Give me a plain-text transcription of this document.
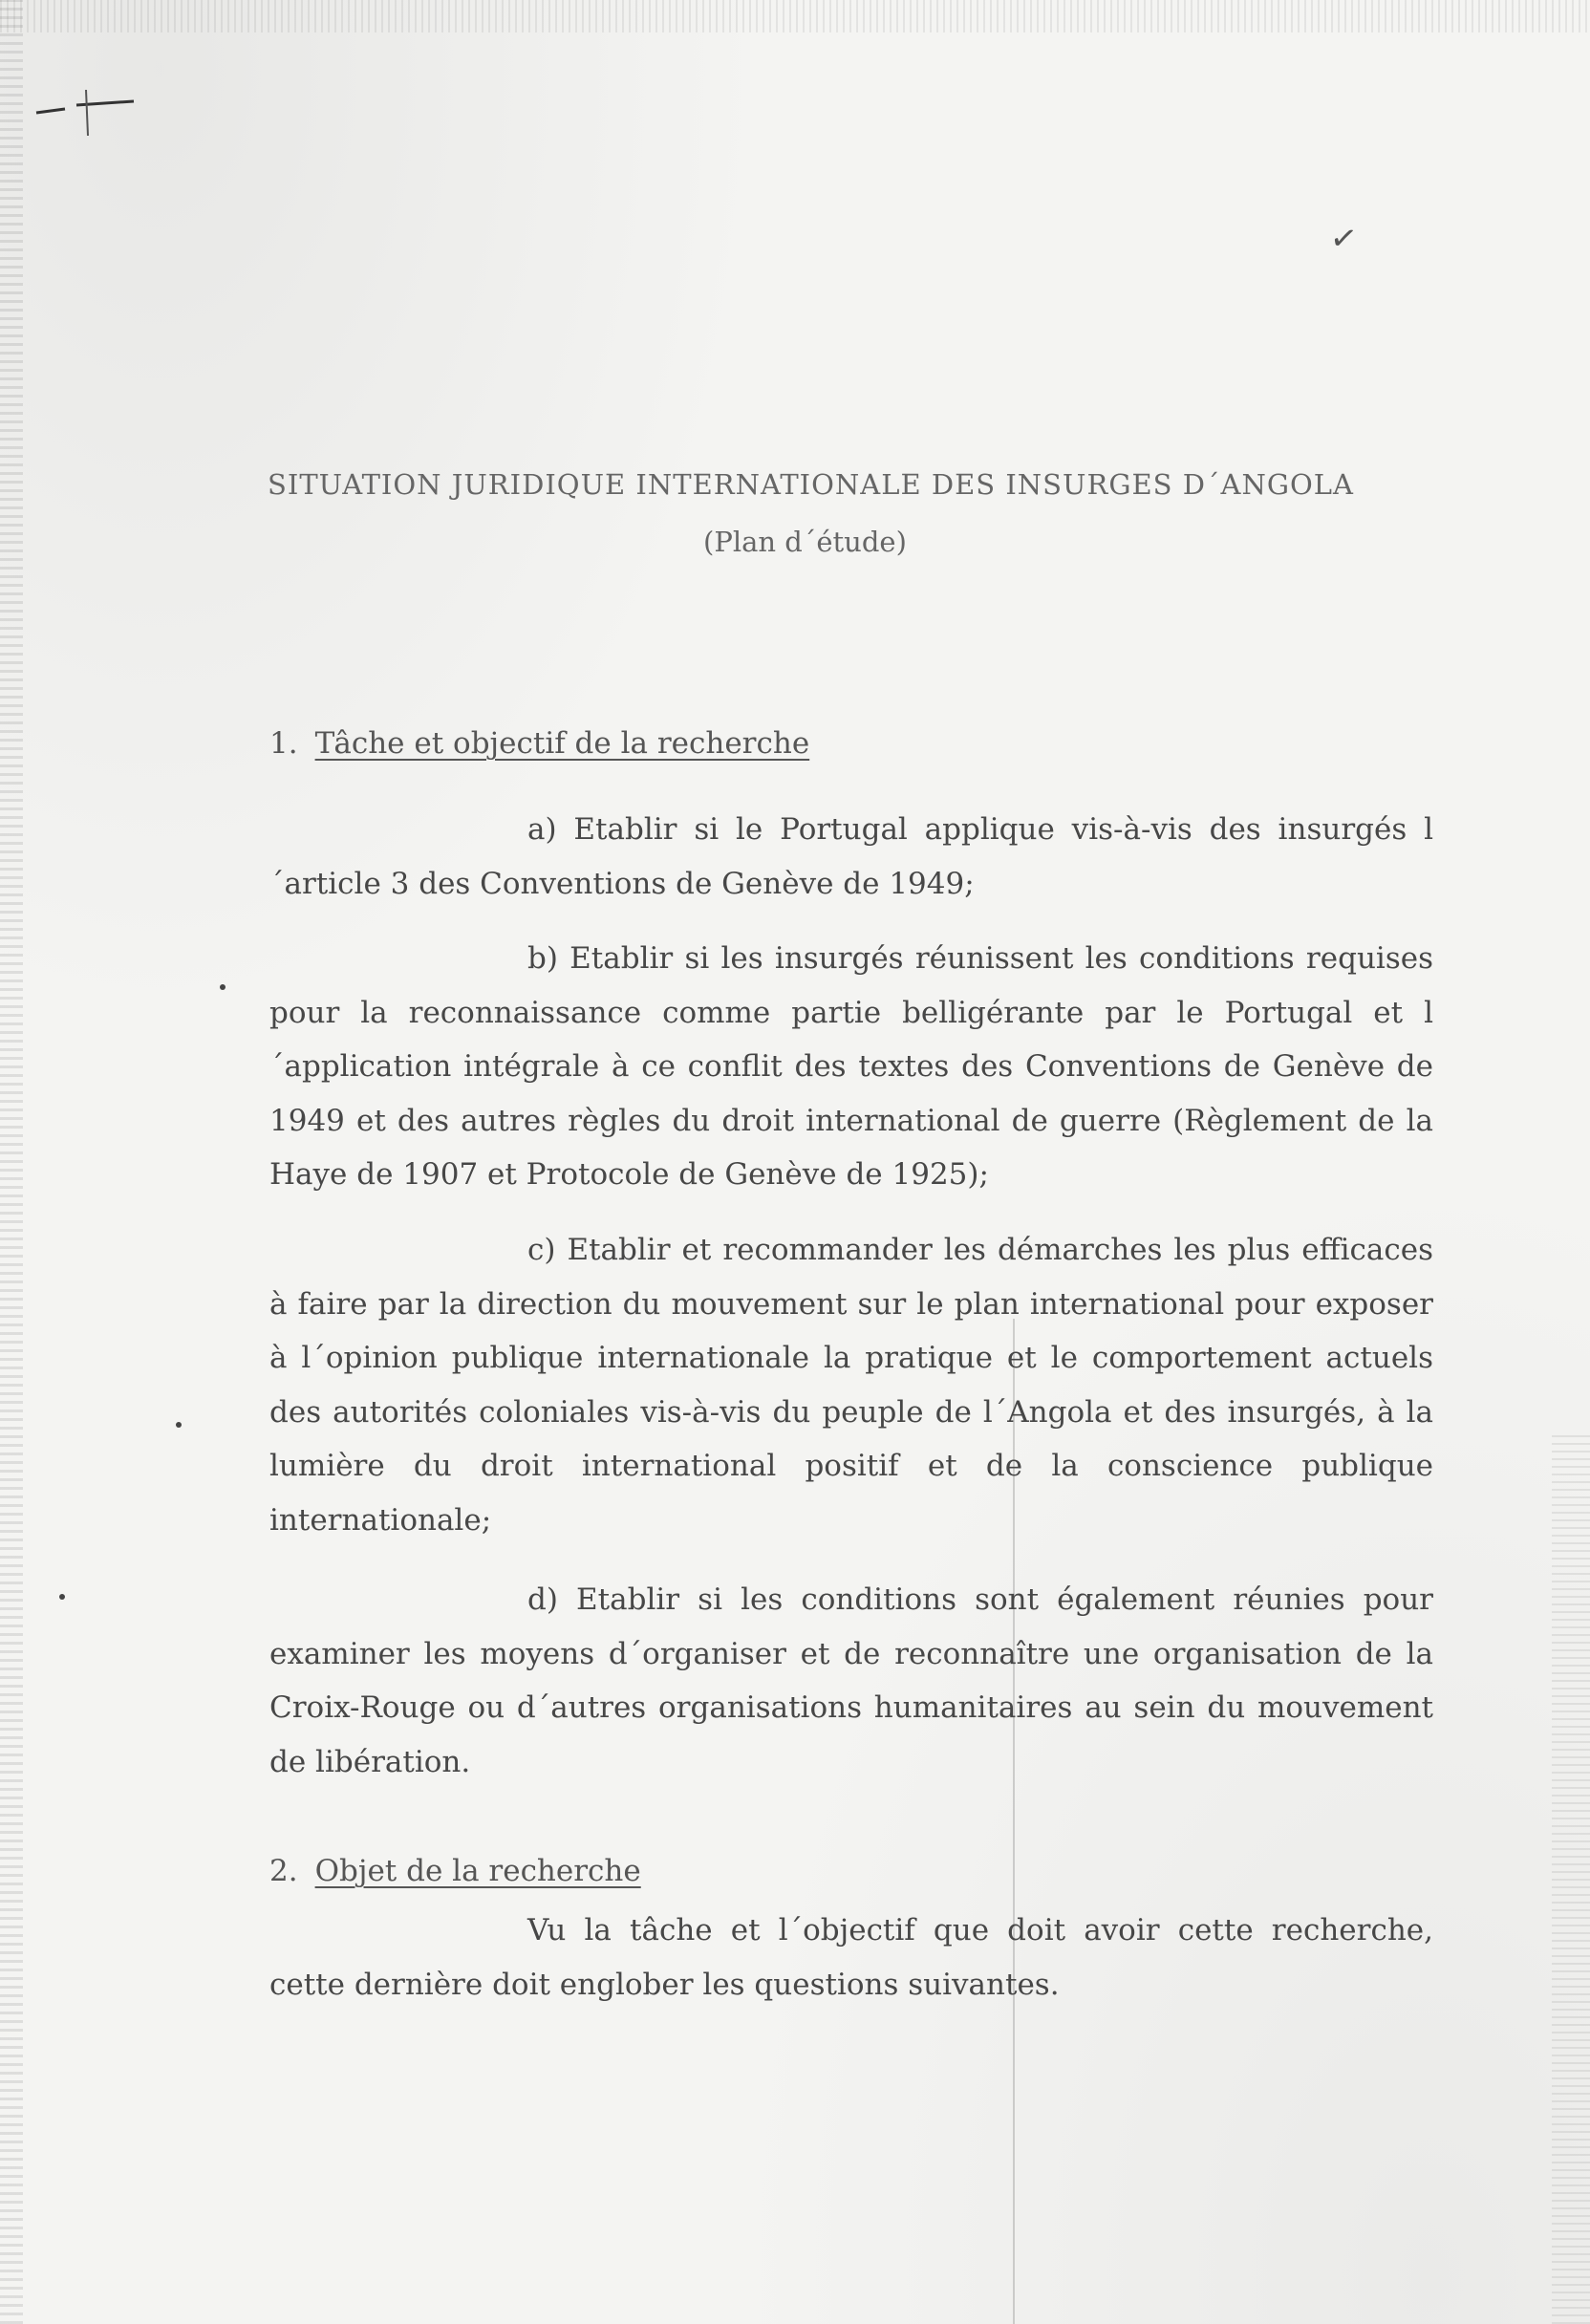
✓
SITUATION JURIDIQUE INTERNATIONALE DES INSURGES D´ANGOLA
(Plan d´étude)
1. Tâche et objectif de la recherche

a) Etablir si le Portugal applique vis-à-vis des insurgés l´article 3 des Conventions de Genève de 1949;

b) Etablir si les insurgés réunissent les conditions requises pour la reconnaissance comme partie belligérante par le Portugal et l´application intégrale à ce conflit des textes des Conventions de Genève de 1949 et des autres règles du droit international de guerre (Règlement de la Haye de 1907 et Protocole de Genève de 1925);

c) Etablir et recommander les démarches les plus efficaces à faire par la direction du mouvement sur le plan international pour exposer à l´opinion publique internationale la pratique et le comportement actuels des autorités coloniales vis-à-vis du peuple de l´Angola et des insurgés, à la lumière du droit international positif et de la conscience publique internationale;

d) Etablir si les conditions sont également réunies pour examiner les moyens d´organiser et de reconnaître une organisation de la Croix-Rouge ou d´autres organisations humanitaires au sein du mouvement de libération.

2. Objet de la recherche

Vu la tâche et l´objectif que doit avoir cette recherche, cette dernière doit englober les questions suivantes.
